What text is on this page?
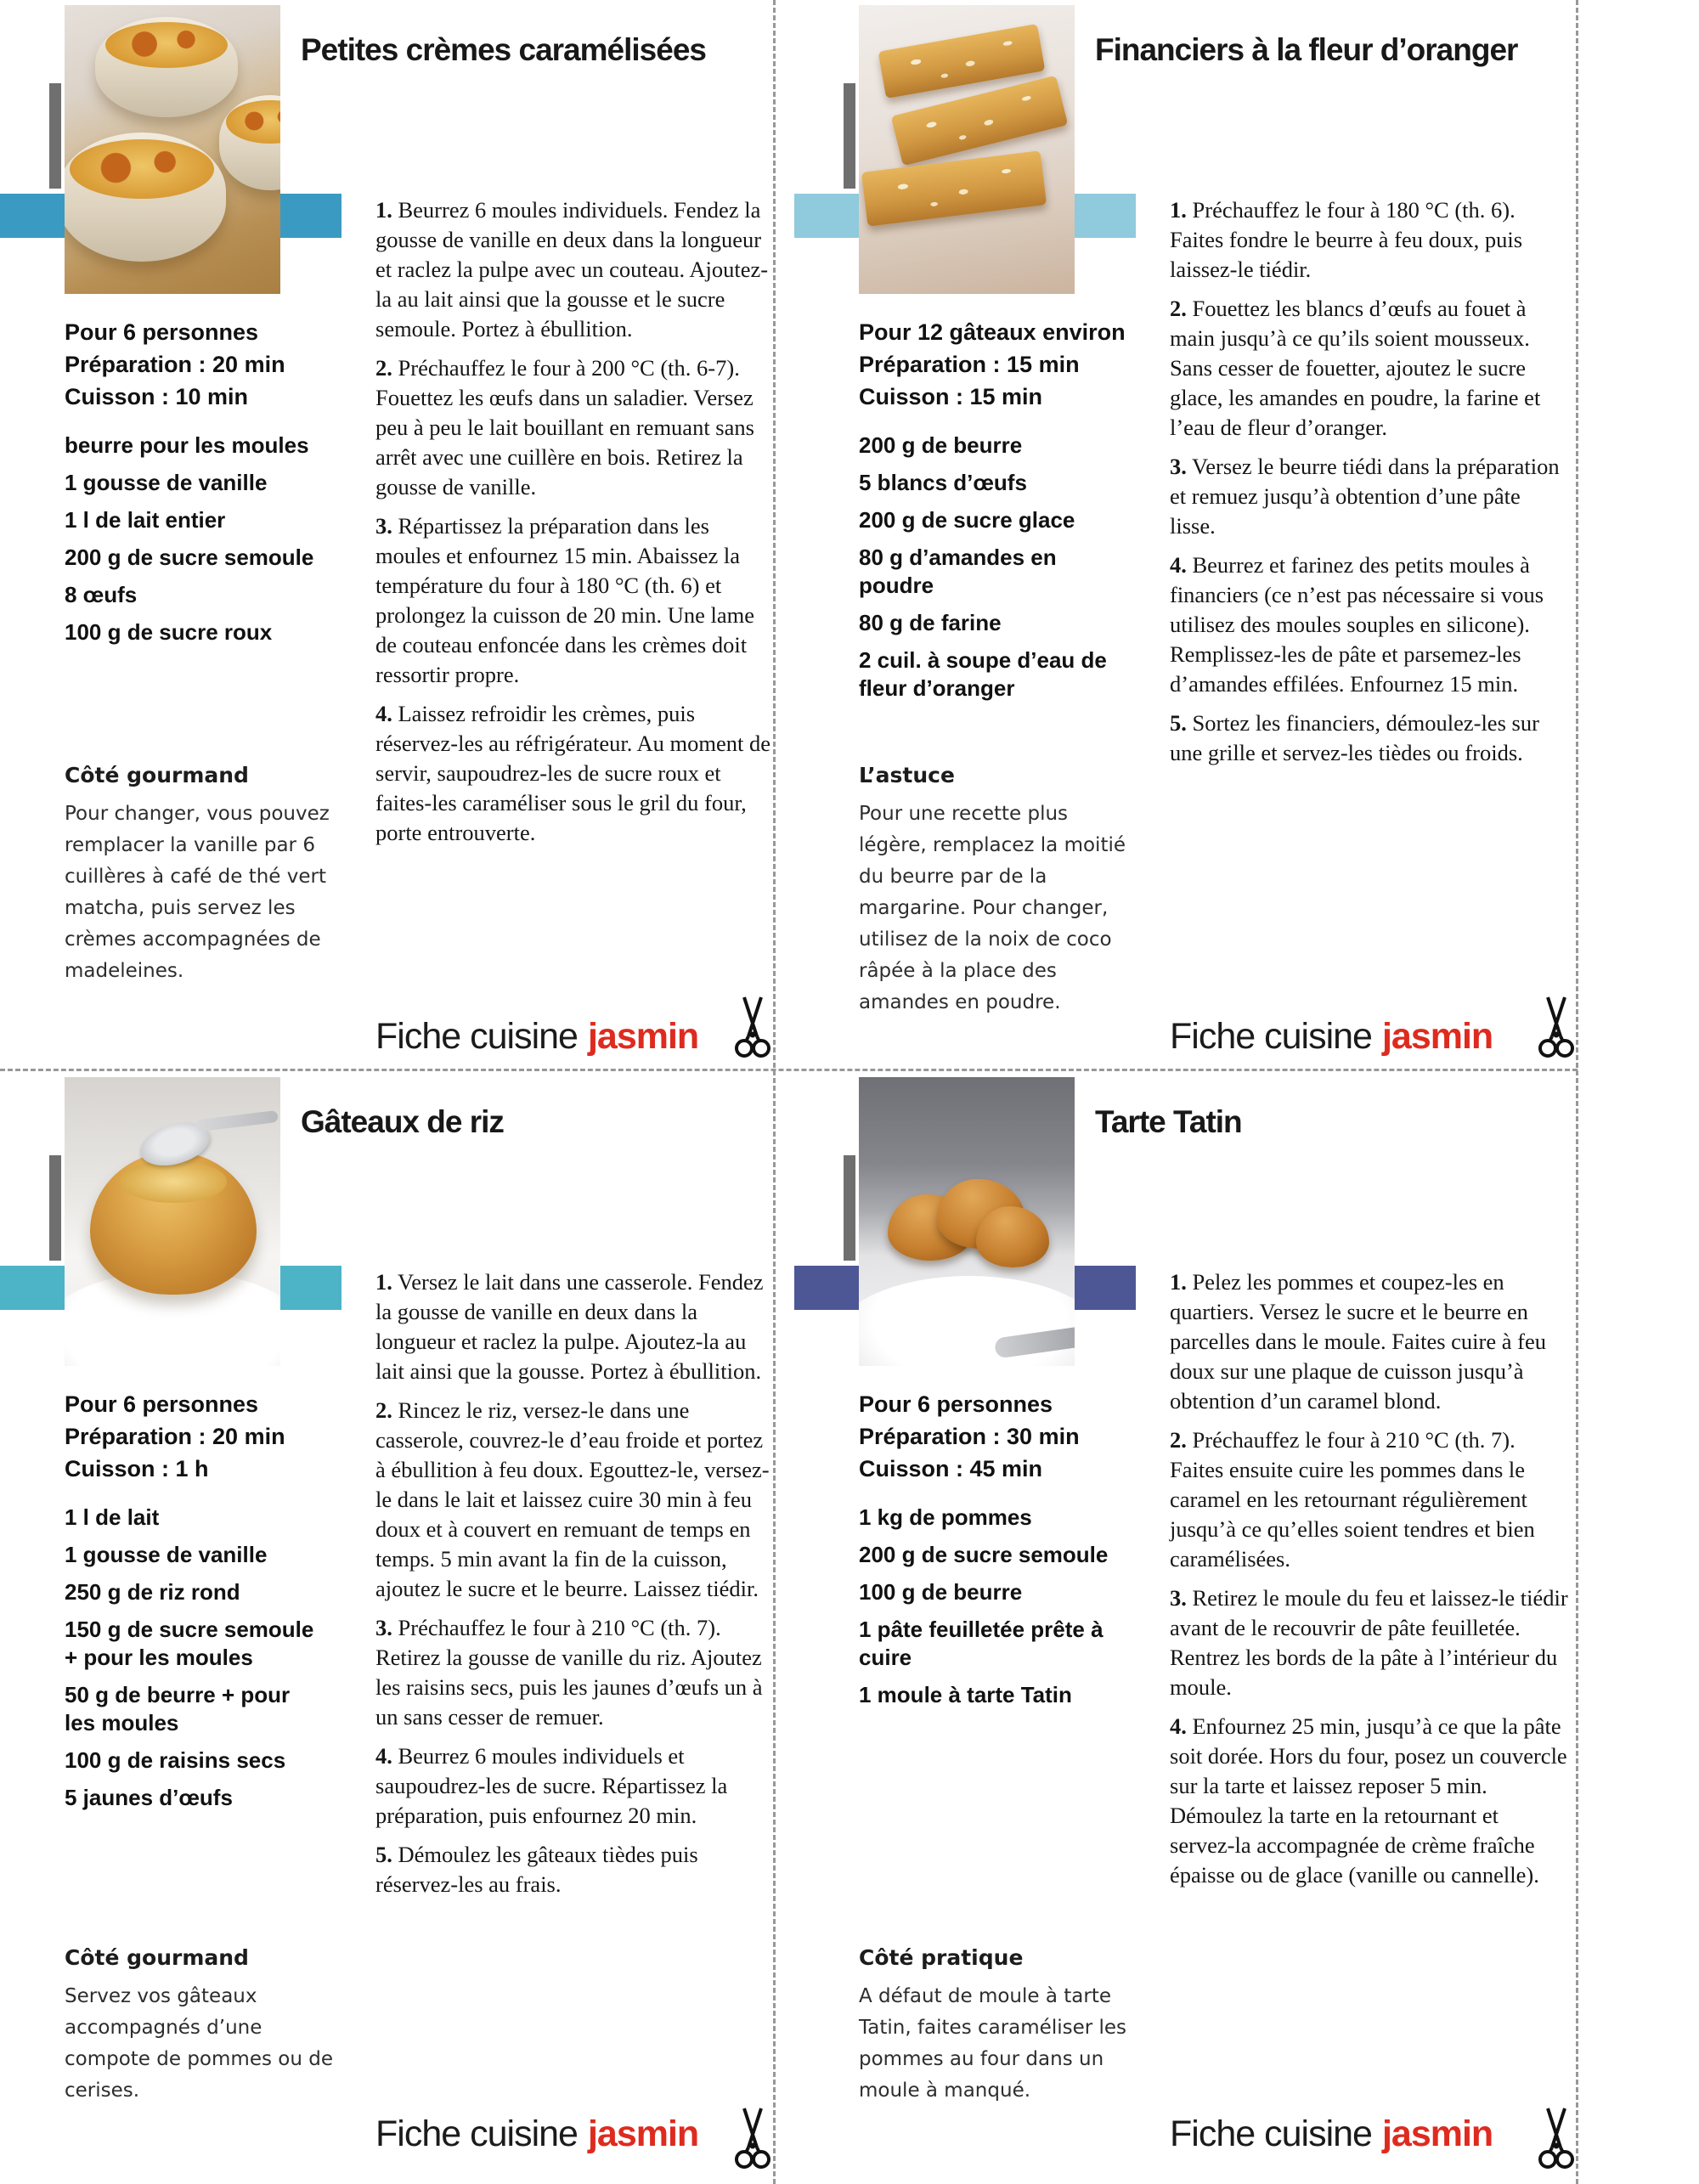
Petites crèmes caramélisées
Pour 6 personnes
Préparation : 20 min
Cuisson : 10 min
beurre pour les moules
1 gousse de vanille
1 l de lait entier
200 g de sucre semoule
8 œufs
100 g de sucre roux
Côté gourmand
Pour changer, vous pouvez remplacer la vanille par 6 cuillères à café de thé vert matcha, puis servez les crèmes accompagnées de madeleines.

1. Beurrez 6 moules individuels. Fendez la gousse de vanille en deux dans la longueur et raclez la pulpe avec un couteau. Ajoutez-la au lait ainsi que la gousse et le sucre semoule. Portez à ébullition.

2. Préchauffez le four à 200 °C (th. 6-7). Fouettez les œufs dans un saladier. Versez peu à peu le lait bouillant en remuant sans arrêt avec une cuillère en bois. Retirez la gousse de vanille.

3. Répartissez la préparation dans les moules et enfournez 15 min. Abaissez la température du four à 180 °C (th. 6) et prolongez la cuisson de 20 min. Une lame de couteau enfoncée dans les crèmes doit ressortir propre.

4. Laissez refroidir les crèmes, puis réservez-les au réfrigérateur. Au moment de servir, saupoudrez-les de sucre roux et faites-les caraméliser sous le gril du four, porte entrouverte.

Fiche cuisine jasmin
Financiers à la fleur d’oranger
Pour 12 gâteaux environ
Préparation : 15 min
Cuisson : 15 min
200 g de beurre
5 blancs d’œufs
200 g de sucre glace
80 g d’amandes en poudre
80 g de farine
2 cuil. à soupe d’eau de fleur d’oranger
L’astuce
Pour une recette plus légère, remplacez la moitié du beurre par de la margarine. Pour changer, utilisez de la noix de coco râpée à la place des amandes en poudre.

1. Préchauffez le four à 180 °C (th. 6). Faites fondre le beurre à feu doux, puis laissez-le tiédir.

2. Fouettez les blancs d’œufs au fouet à main jusqu’à ce qu’ils soient mousseux. Sans cesser de fouetter, ajoutez le sucre glace, les amandes en poudre, la farine et l’eau de fleur d’oranger.

3. Versez le beurre tiédi dans la préparation et remuez jusqu’à obtention d’une pâte lisse.

4. Beurrez et farinez des petits moules à financiers (ce n’est pas nécessaire si vous utilisez des moules souples en silicone). Remplissez-les de pâte et parsemez-les d’amandes effilées. Enfournez 15 min.

5. Sortez les financiers, démoulez-les sur une grille et servez-les tièdes ou froids.

Fiche cuisine jasmin
Gâteaux de riz
Pour 6 personnes
Préparation : 20 min
Cuisson : 1 h
1 l de lait
1 gousse de vanille
250 g de riz rond
150 g de sucre semoule + pour les moules
50 g de beurre + pour les moules
100 g de raisins secs
5 jaunes d’œufs
Côté gourmand
Servez vos gâteaux accompagnés d’une compote de pommes ou de cerises.

1. Versez le lait dans une casserole. Fendez la gousse de vanille en deux dans la longueur et raclez la pulpe. Ajoutez-la au lait ainsi que la gousse. Portez à ébullition.

2. Rincez le riz, versez-le dans une casserole, couvrez-le d’eau froide et portez à ébullition à feu doux. Egouttez-le, versez-le dans le lait et laissez cuire 30 min à feu doux et à couvert en remuant de temps en temps. 5 min avant la fin de la cuisson, ajoutez le sucre et le beurre. Laissez tiédir.

3. Préchauffez le four à 210 °C (th. 7). Retirez la gousse de vanille du riz. Ajoutez les raisins secs, puis les jaunes d’œufs un à un sans cesser de remuer.

4. Beurrez 6 moules individuels et saupoudrez-les de sucre. Répartissez la préparation, puis enfournez 20 min.

5. Démoulez les gâteaux tièdes puis réservez-les au frais.

Fiche cuisine jasmin
Tarte Tatin
Pour 6 personnes
Préparation : 30 min
Cuisson : 45 min
1 kg de pommes
200 g de sucre semoule
100 g de beurre
1 pâte feuilletée prête à cuire
1 moule à tarte Tatin
Côté pratique
A défaut de moule à tarte Tatin, faites caraméliser les pommes au four dans un moule à manqué.

1. Pelez les pommes et coupez-les en quartiers. Versez le sucre et le beurre en parcelles dans le moule. Faites cuire à feu doux sur une plaque de cuisson jusqu’à obtention d’un caramel blond.

2. Préchauffez le four à 210 °C (th. 7). Faites ensuite cuire les pommes dans le caramel en les retournant régulièrement jusqu’à ce qu’elles soient tendres et bien caramélisées.

3. Retirez le moule du feu et laissez-le tiédir avant de le recouvrir de pâte feuilletée. Rentrez les bords de la pâte à l’intérieur du moule.

4. Enfournez 25 min, jusqu’à ce que la pâte soit dorée. Hors du four, posez un couvercle sur la tarte et laissez reposer 5 min. Démoulez la tarte en la retournant et servez-la accompagnée de crème fraîche épaisse ou de glace (vanille ou cannelle).

Fiche cuisine jasmin
